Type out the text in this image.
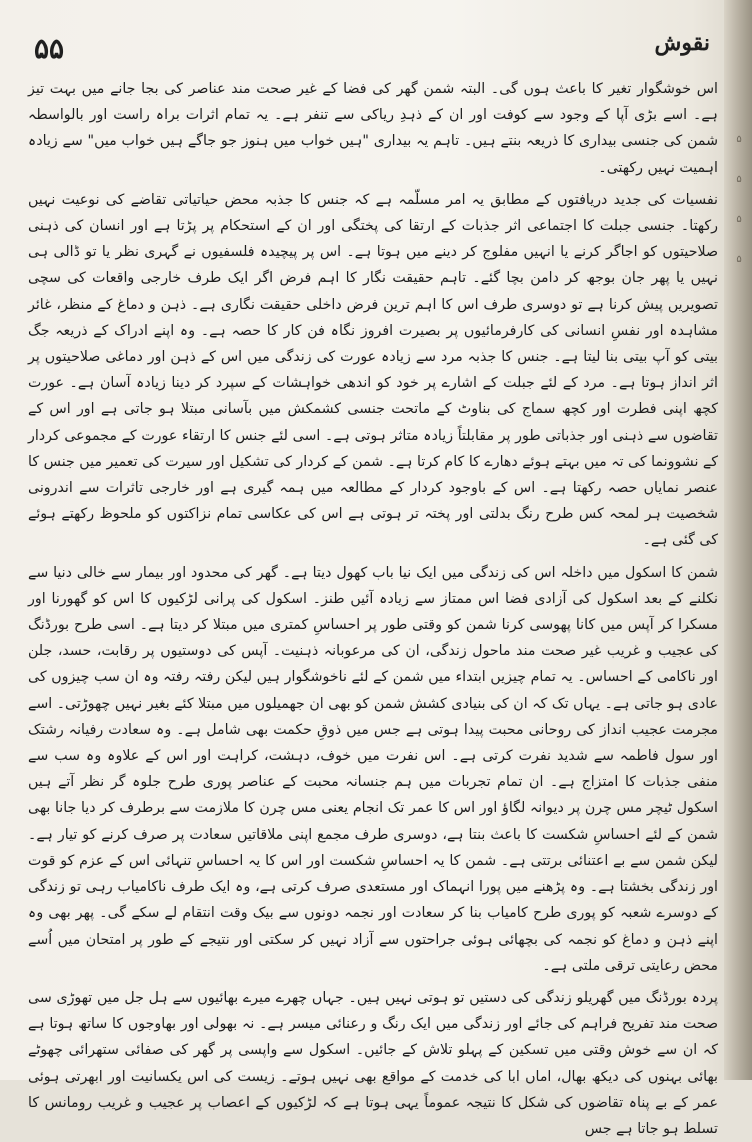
۵۵	نقوش

اس خوشگوار تغیر کا باعث ہوں گی۔ البتہ شمن گھر کی فضا کے غیر صحت مند عناصر کی بجا جانے میں بہت تیز ہے۔ اسے بڑی آپا کے وجود سے کوفت اور ان کے ذہدِ ریاکی سے تنفر ہے۔ یہ تمام اثرات براہ راست اور بالواسطہ شمن کی جنسی بیداری کا ذریعہ بنتے ہیں۔ تاہم یہ بیداری "ہیں خواب میں ہنوز جو جاگے ہیں خواب میں" سے زیادہ اہمیت نہیں رکھتی۔

نفسیات کی جدید دریافتوں کے مطابق یہ امر مسلّمہ ہے کہ جنس کا جذبہ محض حیاتیاتی تقاضے کی نوعیت نہیں رکھتا۔ جنسی جبلت کا اجتماعی اثر جذبات کے ارتقا کی پختگی اور ان کے استحکام پر پڑتا ہے اور انسان کی ذہنی صلاحیتوں کو اجاگر کرنے یا انہیں مفلوج کر دینے میں ہوتا ہے۔ اس پر پیچیدہ فلسفیوں نے گہری نظر یا تو ڈالی ہی نہیں یا پھر جان بوجھ کر دامن بچا گئے۔ تاہم حقیقت نگار کا اہم فرض اگر ایک طرف خارجی واقعات کی سچی تصویریں پیش کرنا ہے تو دوسری طرف اس کا اہم ترین فرض داخلی حقیقت نگاری ہے۔ ذہن و دماغ کے منظر، غائر مشاہدہ اور نفسِ انسانی کی کارفرمائیوں پر بصیرت افروز نگاہ فن کار کا حصہ ہے۔ وہ اپنے ادراک کے ذریعہ جگ بیتی کو آپ بیتی بنا لیتا ہے۔ جنس کا جذبہ مرد سے زیادہ عورت کی زندگی میں اس کے ذہن اور دماغی صلاحیتوں پر اثر انداز ہوتا ہے۔ مرد کے لئے جبلت کے اشارے پر خود کو اندھی خواہشات کے سپرد کر دینا زیادہ آسان ہے۔ عورت کچھ اپنی فطرت اور کچھ سماج کی بناوٹ کے ماتحت جنسی کشمکش میں بآسانی مبتلا ہو جاتی ہے اور اس کے تقاضوں سے ذہنی اور جذباتی طور پر مقابلتاً زیادہ متاثر ہوتی ہے۔ اسی لئے جنس کا ارتقاء عورت کے مجموعی کردار کے نشوونما کی تہ میں بہتے ہوئے دھارے کا کام کرتا ہے۔ شمن کے کردار کی تشکیل اور سیرت کی تعمیر میں جنس کا عنصر نمایاں حصہ رکھتا ہے۔ اس کے باوجود کردار کے مطالعہ میں ہمہ گیری ہے اور خارجی تاثرات سے اندرونی شخصیت ہر لمحہ کس طرح رنگ بدلتی اور پختہ تر ہوتی ہے اس کی عکاسی تمام نزاکتوں کو ملحوظ رکھتے ہوئے کی گئی ہے۔

شمن کا اسکول میں داخلہ اس کی زندگی میں ایک نیا باب کھول دیتا ہے۔ گھر کی محدود اور بیمار سے خالی دنیا سے نکلنے کے بعد اسکول کی آزادی فضا اس ممتاز سے زیادہ آئیں طنز۔ اسکول کی پرانی لڑکیوں کا اس کو گھورنا اور مسکرا کر آپس میں کانا پھوسی کرنا شمن کو وقتی طور پر احساسِ کمتری میں مبتلا کر دیتا ہے۔ اسی طرح بورڈنگ کی عجیب و غریب غیر صحت مند ماحول زندگی، ان کی مرعوبانہ ذہنیت۔ آپس کی دوستیوں پر رقابت، حسد، جلن اور ناکامی کے احساس۔ یہ تمام چیزیں ابتداء میں شمن کے لئے ناخوشگوار ہیں لیکن رفتہ رفتہ وہ ان سب چیزوں کی عادی ہو جاتی ہے۔ یہاں تک کہ ان کی بنیادی کشش شمن کو بھی ان جھمیلوں میں مبتلا کئے بغیر نہیں چھوڑتی۔ اسے مجرمت عجیب انداز کی روحانی محبت پیدا ہوتی ہے جس میں ذوقِ حکمت بھی شامل ہے۔ وہ سعادت رفیانہ رشتک اور سول فاطمہ سے شدید نفرت کرتی ہے۔ اس نفرت میں خوف، دہشت، کراہت اور اس کے علاوہ وہ سب سے منفی جذبات کا امتزاج ہے۔ ان تمام تجربات میں ہم جنسانہ محبت کے عناصر پوری طرح جلوہ گر نظر آتے ہیں اسکول ٹیچر مس چرن پر دیوانہ لگاؤ اور اس کا عمر تک انجام یعنی مس چرن کا ملازمت سے برطرف کر دیا جانا بھی شمن کے لئے احساسِ شکست کا باعث بنتا ہے، دوسری طرف مجمع اپنی ملاقاتیں سعادت پر صرف کرنے کو تیار ہے۔ لیکن شمن سے بے اعتنائی برتتی ہے۔ شمن کا یہ احساسِ شکست اور اس کا یہ احساسِ تنہائی اس کے عزم کو قوت اور زندگی بخشتا ہے۔ وہ پڑھنے میں پورا انہماک اور مستعدی صرف کرتی ہے، وہ ایک طرف ناکامیاب رہی تو زندگی کے دوسرے شعبہ کو پوری طرح کامیاب بنا کر سعادت اور نجمہ دونوں سے بیک وقت انتقام لے سکے گی۔ پھر بھی وہ اپنے ذہن و دماغ کو نجمہ کی بچھائی ہوئی جراحتوں سے آزاد نہیں کر سکتی اور نتیجے کے طور پر امتحان میں اُسے محض رعایتی ترقی ملتی ہے۔

پردہ بورڈنگ میں گھریلو زندگی کی دستیں تو ہوتی نہیں ہیں۔ جہاں چھرے میرے بھائیوں سے ہل جل میں تھوڑی سی صحت مند تفریح فراہم کی جائے اور زندگی میں ایک رنگ و رعنائی میسر ہے۔ نہ بھولی اور بھاوجوں کا ساتھ ہوتا ہے کہ ان سے خوش وقتی میں تسکین کے پہلو تلاش کے جائیں۔ اسکول سے واپسی پر گھر کی صفائی ستھرائی چھوٹے بھائی بہنوں کی دیکھ بھال، اماں ابا کی خدمت کے مواقع بھی نہیں ہوتے۔ زیست کی اس یکسانیت اور ابھرتی ہوئی عمر کے بے پناہ تقاضوں کی شکل کا نتیجہ عموماً یہی ہوتا ہے کہ لڑکیوں کے اعصاب پر عجیب و غریب رومانس کا تسلط ہو جاتا ہے جس

۵
۵
۵
۵
